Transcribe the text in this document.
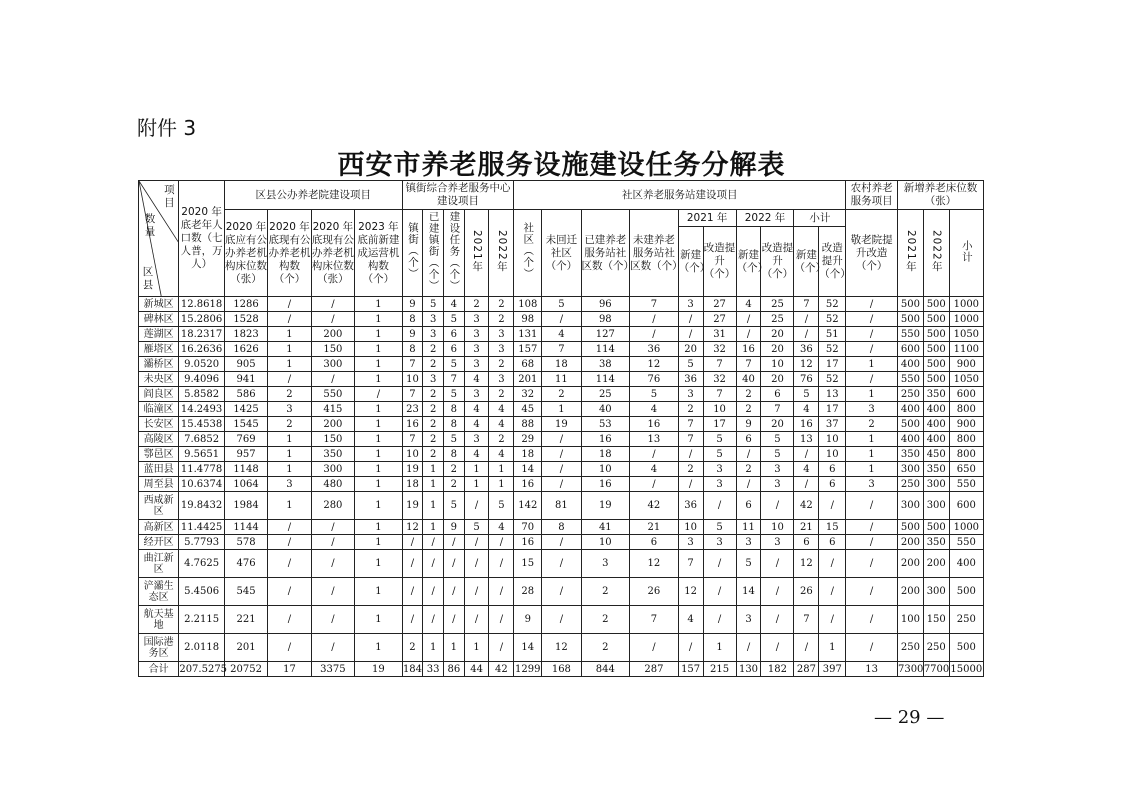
附件 3
西安市养老服务设施建设任务分解表
项目
数量
区县	2020 年底老年人口数（七人普，万人）	区县公办养老院建设项目				镇街综合养老服务中心建设项目					社区养老服务站建设项目										农村养老服务项目	新增养老床位数（张）		
		2020 年底应有公办养老机构床位数（张）	2020 年底现有公办养老机构数（个）	2020 年底现有公办养老机构床位数（张）	2023 年底前新建成运营机构数（个）	镇街（个）	已建镇街（个）	建设任务（个）	2021年	2022年	社区（个）	未回迁社区（个）	已建养老服务站社区数（个）	未建养老服务站社区数（个）	2021 年		2022 年		小计		敬老院提升改造（个）	2021年	2022年	小计
															新建（个）	改造提升（个）	新建（个）	改造提升（个）	新建（个）	改造提升（个）				
新城区	12.8618	1286	/	/	1	9	5	4	2	2	108	5	96	7	3	27	4	25	7	52	/	500	500	1000
碑林区	15.2806	1528	/	/	1	8	3	5	3	2	98	/	98	/	/	27	/	25	/	52	/	500	500	1000
莲湖区	18.2317	1823	1	200	1	9	3	6	3	3	131	4	127	/	/	31	/	20	/	51	/	550	500	1050
雁塔区	16.2636	1626	1	150	1	8	2	6	3	3	157	7	114	36	20	32	16	20	36	52	/	600	500	1100
灞桥区	9.0520	905	1	300	1	7	2	5	3	2	68	18	38	12	5	7	7	10	12	17	1	400	500	900
未央区	9.4096	941	/	/	1	10	3	7	4	3	201	11	114	76	36	32	40	20	76	52	/	550	500	1050
阎良区	5.8582	586	2	550	/	7	2	5	3	2	32	2	25	5	3	7	2	6	5	13	1	250	350	600
临潼区	14.2493	1425	3	415	1	23	2	8	4	4	45	1	40	4	2	10	2	7	4	17	3	400	400	800
长安区	15.4538	1545	2	200	1	16	2	8	4	4	88	19	53	16	7	17	9	20	16	37	2	500	400	900
高陵区	7.6852	769	1	150	1	7	2	5	3	2	29	/	16	13	7	5	6	5	13	10	1	400	400	800
鄠邑区	9.5651	957	1	350	1	10	2	8	4	4	18	/	18	/	/	5	/	5	/	10	1	350	450	800
蓝田县	11.4778	1148	1	300	1	19	1	2	1	1	14	/	10	4	2	3	2	3	4	6	1	300	350	650
周至县	10.6374	1064	3	480	1	18	1	2	1	1	16	/	16	/	/	3	/	3	/	6	3	250	300	550
西咸新区	19.8432	1984	1	280	1	19	1	5	/	5	142	81	19	42	36	/	6	/	42	/	/	300	300	600
高新区	11.4425	1144	/	/	1	12	1	9	5	4	70	8	41	21	10	5	11	10	21	15	/	500	500	1000
经开区	5.7793	578	/	/	1	/	/	/	/	/	16	/	10	6	3	3	3	3	6	6	/	200	350	550
曲江新区	4.7625	476	/	/	1	/	/	/	/	/	15	/	3	12	7	/	5	/	12	/	/	200	200	400
浐灞生态区	5.4506	545	/	/	1	/	/	/	/	/	28	/	2	26	12	/	14	/	26	/	/	200	300	500
航天基地	2.2115	221	/	/	1	/	/	/	/	/	9	/	2	7	4	/	3	/	7	/	/	100	150	250
国际港务区	2.0118	201	/	/	1	2	1	1	1	/	14	12	2	/	/	1	/	/	/	1	/	250	250	500
合计	207.5275	20752	17	3375	19	184	33	86	44	42	1299	168	844	287	157	215	130	182	287	397	13	7300	7700	15000
— 29 —
